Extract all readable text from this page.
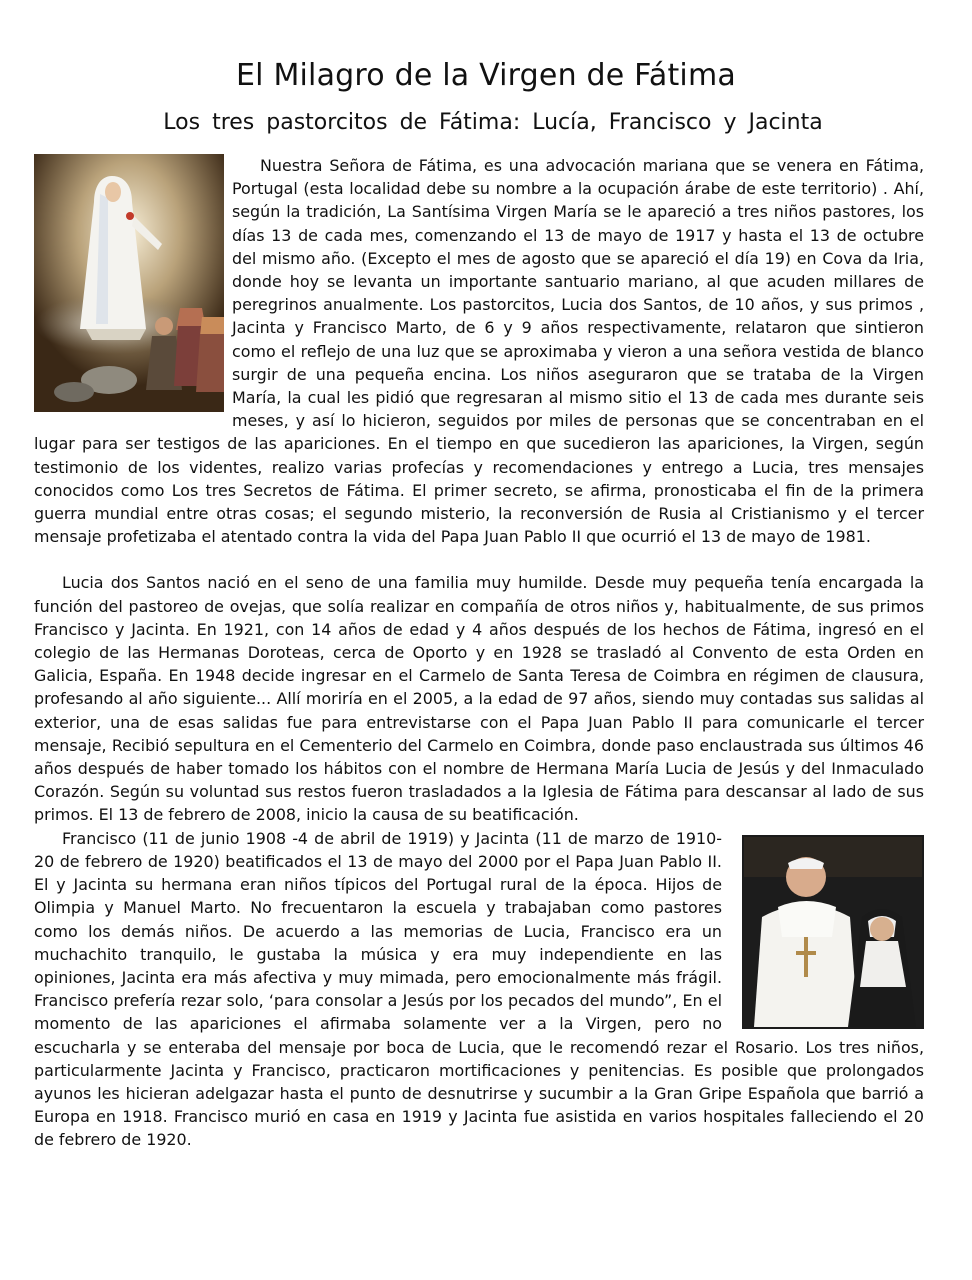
El Milagro de la Virgen de Fátima
Los tres pastorcitos de Fátima: Lucía, Francisco y Jacinta

Nuestra Señora de Fátima, es una advocación mariana que se venera en Fátima, Portugal (esta localidad debe su nombre a la ocupación árabe de este territorio) . Ahí, según la tradición, La Santísima Virgen María se le apareció a tres niños pastores, los días 13 de cada mes, comenzando el 13 de mayo de 1917 y hasta el 13 de octubre del mismo año. (Excepto el mes de agosto que se apareció el día 19) en Cova da Iria, donde hoy se levanta un importante santuario mariano, al que acuden millares de peregrinos anualmente. Los pastorcitos, Lucia dos Santos, de 10 años, y sus primos , Jacinta y Francisco Marto, de 6 y 9 años respectivamente, relataron que sintieron como el reflejo de una luz que se aproximaba y vieron a una señora vestida de blanco surgir de una pequeña encina. Los niños aseguraron que se trataba de la Virgen María, la cual les pidió que regresaran al mismo sitio el 13 de cada mes durante seis meses, y así lo hicieron, seguidos por miles de personas que se concentraban en el lugar para ser testigos de las apariciones. En el tiempo en que sucedieron las apariciones, la Virgen, según testimonio de los videntes, realizo varias profecías y recomendaciones y entrego a Lucia, tres mensajes conocidos como Los tres Secretos de Fátima. El primer secreto, se afirma, pronosticaba el fin de la primera guerra mundial entre otras cosas; el segundo misterio, la reconversión de Rusia al Cristianismo y el tercer mensaje profetizaba el atentado contra la vida del Papa Juan Pablo II que ocurrió el 13 de mayo de 1981.

Lucia dos Santos nació en el seno de una familia muy humilde. Desde muy pequeña tenía encargada la función del pastoreo de ovejas, que solía realizar en compañía de otros niños y, habitualmente, de sus primos Francisco y Jacinta. En 1921, con 14 años de edad y 4 años después de los hechos de Fátima, ingresó en el colegio de las Hermanas Doroteas, cerca de Oporto y en 1928 se trasladó al Convento de esta Orden en Galicia, España. En 1948 decide ingresar en el Carmelo de Santa Teresa de Coimbra en régimen de clausura, profesando al año siguiente... Allí moriría en el 2005, a la edad de 97 años, siendo muy contadas sus salidas al exterior, una de esas salidas fue para entrevistarse con el Papa Juan Pablo II para comunicarle el tercer mensaje, Recibió sepultura en el Cementerio del Carmelo en Coimbra, donde paso enclaustrada sus últimos 46 años después de haber tomado los hábitos con el nombre de Hermana María Lucia de Jesús y del Inmaculado Corazón. Según su voluntad sus restos fueron trasladados a la Iglesia de Fátima para descansar al lado de sus primos. El 13 de febrero de 2008, inicio la causa de su beatificación.

Francisco (11 de junio 1908 -4 de abril de 1919) y Jacinta (11 de marzo de 1910-20 de febrero de 1920) beatificados el 13 de mayo del 2000 por el Papa Juan Pablo II. El y Jacinta su hermana eran niños típicos del Portugal rural de la época. Hijos de Olimpia y Manuel Marto. No frecuentaron la escuela y trabajaban como pastores como los demás niños. De acuerdo a las memorias de Lucia, Francisco era un muchachito tranquilo, le gustaba la música y era muy independiente en las opiniones, Jacinta era más afectiva y muy mimada, pero emocionalmente más frágil. Francisco prefería rezar solo, ‘para consolar a Jesús por los pecados del mundo”, En el momento de las apariciones el afirmaba solamente ver a la Virgen, pero no escucharla y se enteraba del mensaje por boca de Lucia, que le recomendó rezar el Rosario. Los tres niños, particularmente Jacinta y Francisco, practicaron mortificaciones y penitencias. Es posible que prolongados ayunos les hicieran adelgazar hasta el punto de desnutrirse y sucumbir a la Gran Gripe Española que barrió a Europa en 1918. Francisco murió en casa en 1919 y Jacinta fue asistida en varios hospitales falleciendo el 20 de febrero de 1920.
